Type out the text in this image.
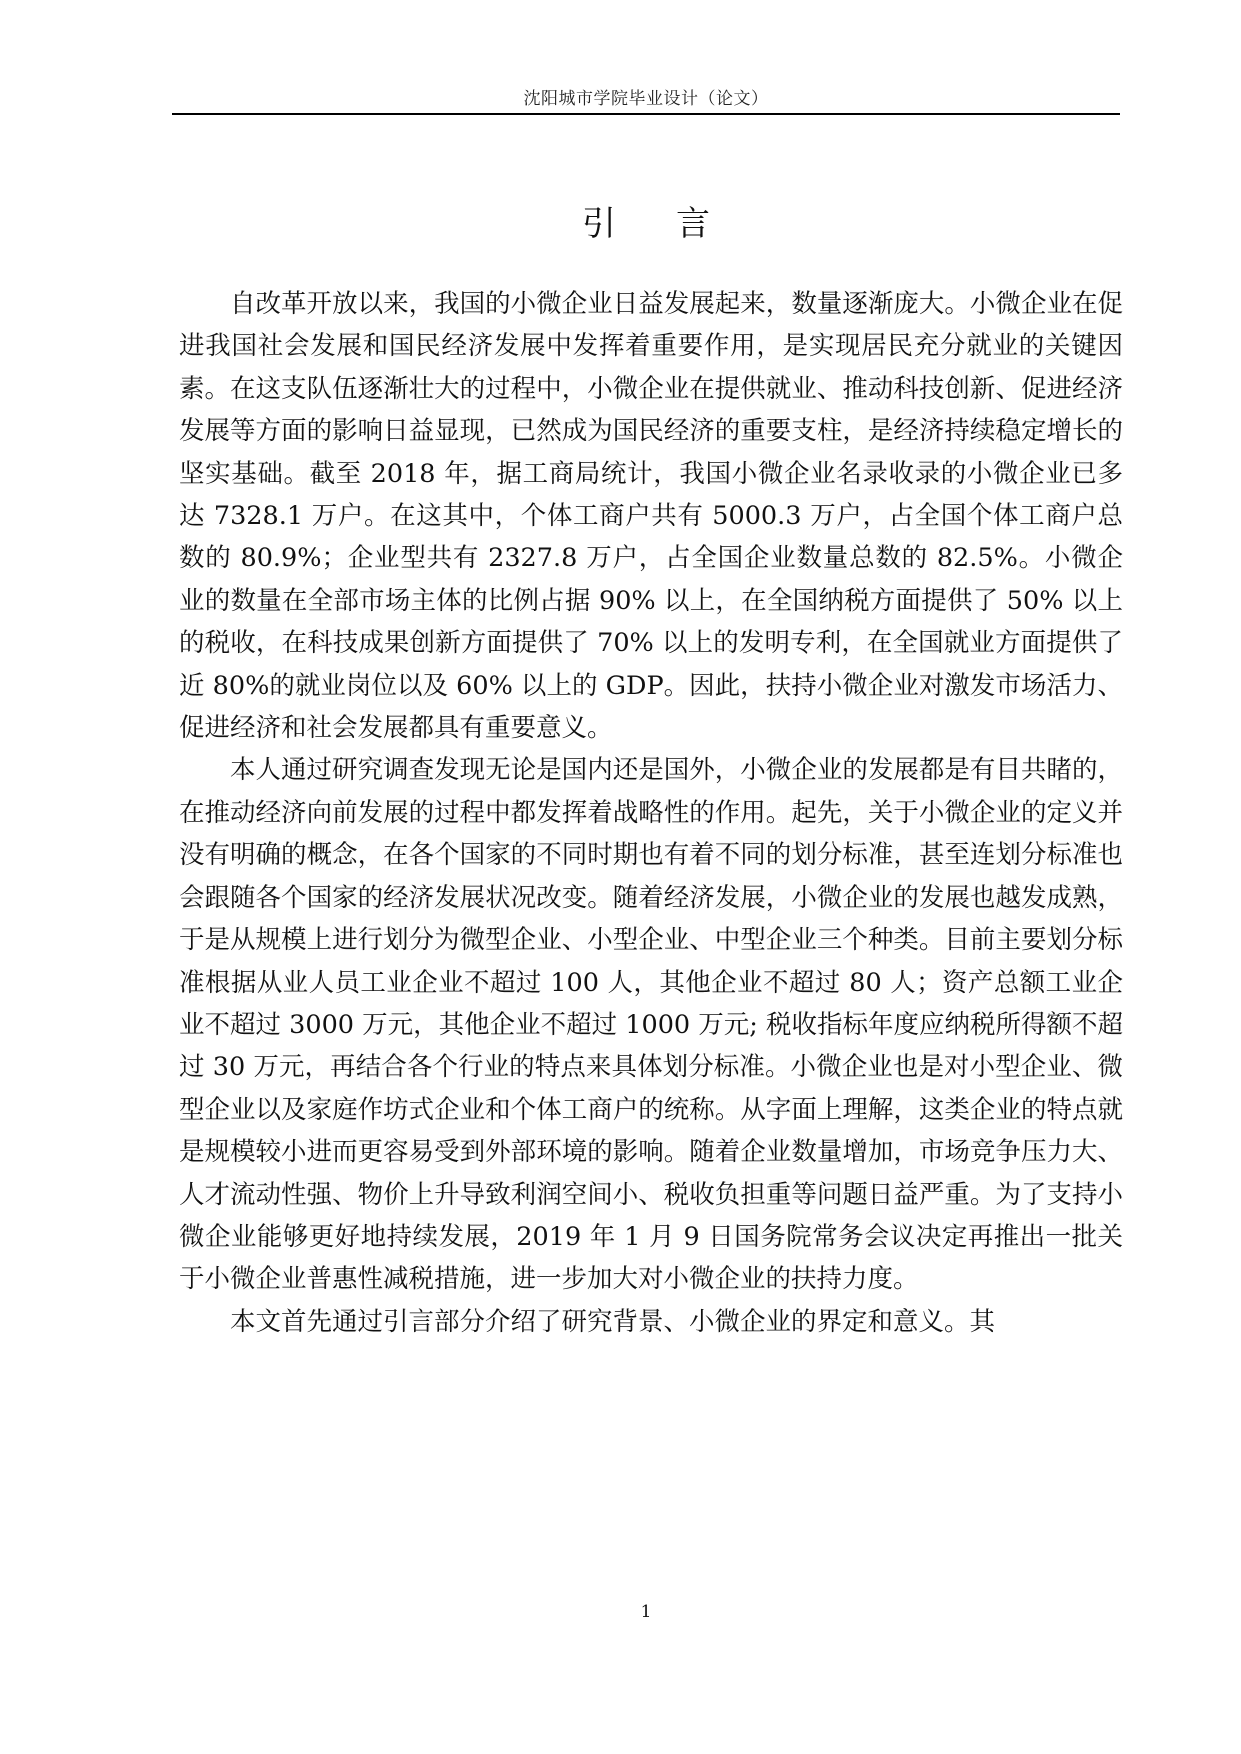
沈阳城市学院毕业设计（论文）
引言

自改革开放以来，我国的小微企业日益发展起来，数量逐渐庞大。小微企业在促进我国社会发展和国民经济发展中发挥着重要作用，是实现居民充分就业的关键因素。在这支队伍逐渐壮大的过程中，小微企业在提供就业、推动科技创新、促进经济发展等方面的影响日益显现，已然成为国民经济的重要支柱，是经济持续稳定增长的坚实基础。截至 2018 年，据工商局统计，我国小微企业名录收录的小微企业已多达 7328.1 万户。在这其中，个体工商户共有 5000.3 万户，占全国个体工商户总数的 80.9%；企业型共有 2327.8 万户，占全国企业数量总数的 82.5%。小微企业的数量在全部市场主体的比例占据 90% 以上，在全国纳税方面提供了 50% 以上的税收，在科技成果创新方面提供了 70% 以上的发明专利，在全国就业方面提供了近 80%的就业岗位以及 60% 以上的 GDP。因此，扶持小微企业对激发市场活力、促进经济和社会发展都具有重要意义。

本人通过研究调查发现无论是国内还是国外，小微企业的发展都是有目共睹的，在推动经济向前发展的过程中都发挥着战略性的作用。起先，关于小微企业的定义并没有明确的概念，在各个国家的不同时期也有着不同的划分标准，甚至连划分标准也会跟随各个国家的经济发展状况改变。随着经济发展，小微企业的发展也越发成熟，于是从规模上进行划分为微型企业、小型企业、中型企业三个种类。目前主要划分标准根据从业人员工业企业不超过 100 人，其他企业不超过 80 人；资产总额工业企业不超过 3000 万元，其他企业不超过 1000 万元; 税收指标年度应纳税所得额不超过 30 万元，再结合各个行业的特点来具体划分标准。小微企业也是对小型企业、微型企业以及家庭作坊式企业和个体工商户的统称。从字面上理解，这类企业的特点就是规模较小进而更容易受到外部环境的影响。随着企业数量增加，市场竞争压力大、人才流动性强、物价上升导致利润空间小、税收负担重等问题日益严重。为了支持小微企业能够更好地持续发展，2019 年 1 月 9 日国务院常务会议决定再推出一批关于小微企业普惠性减税措施，进一步加大对小微企业的扶持力度。

本文首先通过引言部分介绍了研究背景、小微企业的界定和意义。其

1
